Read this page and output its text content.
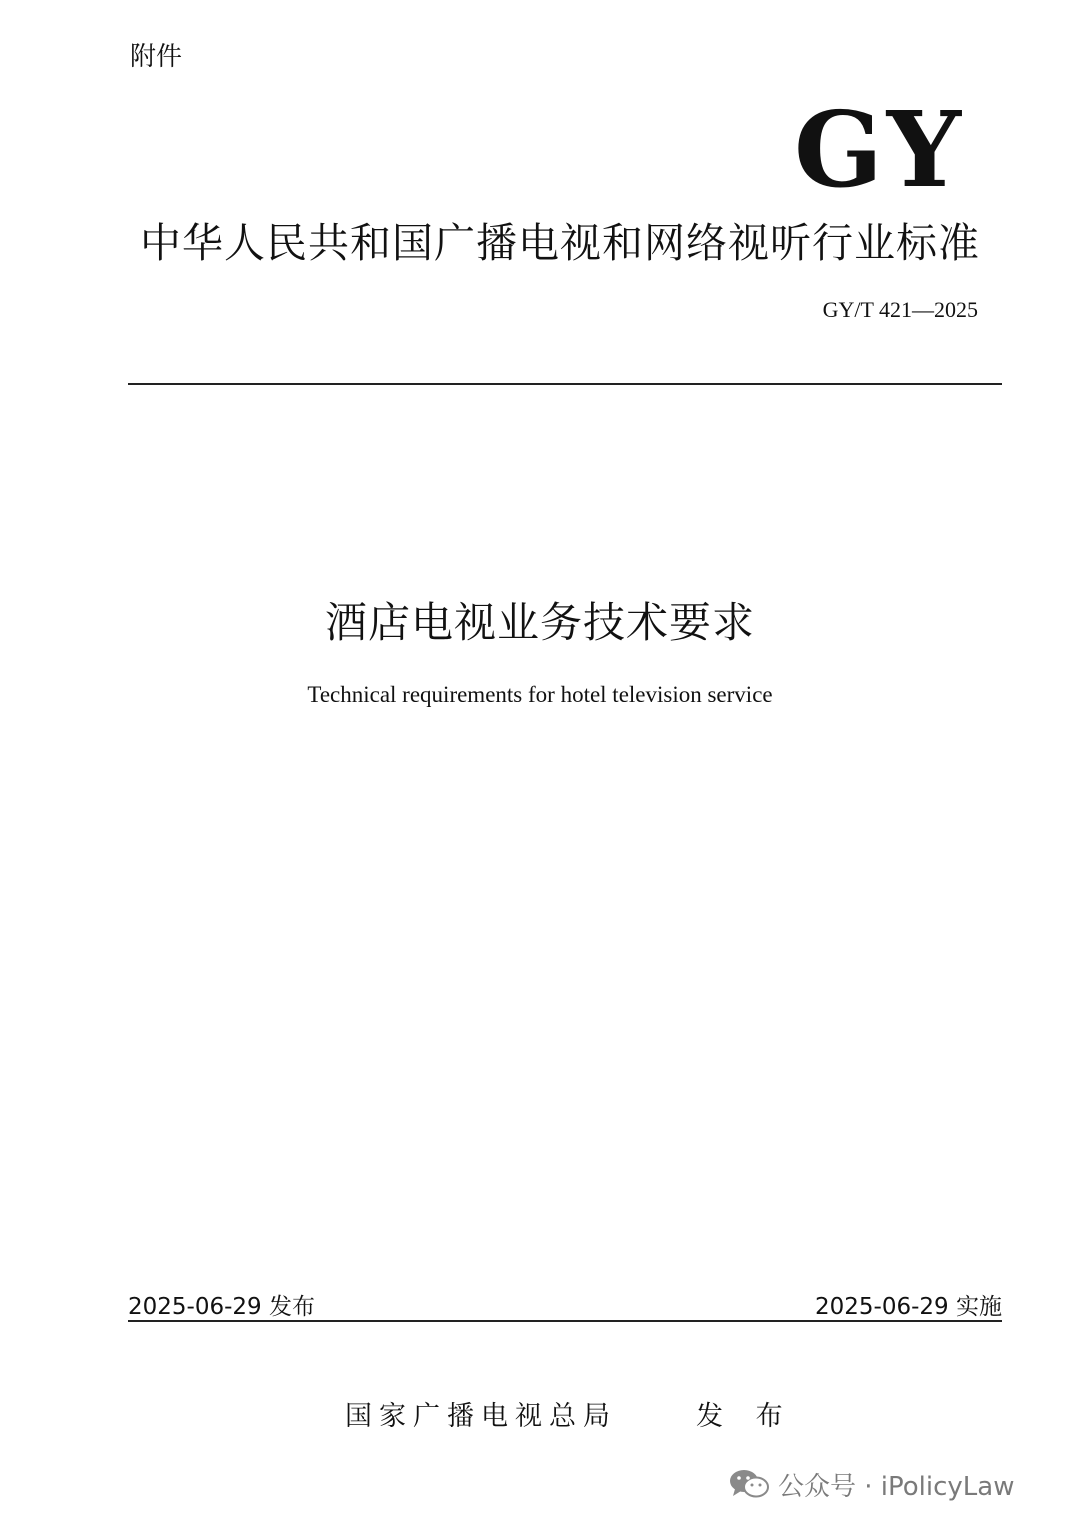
附件
GY
中华人民共和国广播电视和网络视听行业标准
GY/T 421—2025
酒店电视业务技术要求
Technical requirements for hotel television service
2025-06-29 发布	2025-06-29 实施
国家广播电视总局	发 布
公众号 · iPolicyLaw
